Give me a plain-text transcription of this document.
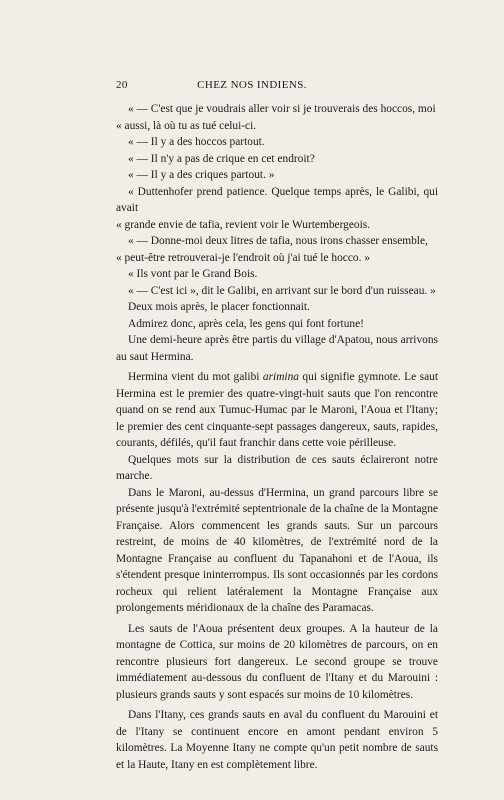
20	CHEZ NOS INDIENS.

« — C'est que je voudrais aller voir si je trouverais des hoccos, moi

« aussi, là où tu as tué celui-ci.

« — Il y a des hoccos partout.

« — Il n'y a pas de crique en cet endroit?

« — Il y a des criques partout. »

« Duttenhofer prend patience. Quelque temps après, le Galibi, qui avait

« grande envie de tafia, revient voir le Wurtembergeois.

« — Donne-moi deux litres de tafia, nous irons chasser ensemble,

« peut-être retrouverai-je l'endroit où j'ai tué le hocco. »

« Ils vont par le Grand Bois.

« — C'est ici », dit le Galibi, en arrivant sur le bord d'un ruisseau. »

Deux mois après, le placer fonctionnait.

Admirez donc, après cela, les gens qui font fortune!

Une demi-heure après être partis du village d'Apatou, nous arrivons au saut Hermina.

Hermina vient du mot galibi arimina qui signifie gymnote. Le saut Hermina est le premier des quatre-vingt-huit sauts que l'on rencontre quand on se rend aux Tumuc-Humac par le Maroni, l'Aoua et l'Itany; le premier des cent cinquante-sept passages dangereux, sauts, rapides, courants, défilés, qu'il faut franchir dans cette voie périlleuse.

Quelques mots sur la distribution de ces sauts éclaireront notre marche.

Dans le Maroni, au-dessus d'Hermina, un grand parcours libre se présente jusqu'à l'extrémité septentrionale de la chaîne de la Montagne Française. Alors commencent les grands sauts. Sur un parcours restreint, de moins de 40 kilomètres, de l'extrémité nord de la Montagne Française au confluent du Tapanahoni et de l'Aoua, ils s'étendent presque ininterrompus. Ils sont occasionnés par les cordons rocheux qui relient latéralement la Montagne Française aux prolongements méridionaux de la chaîne des Paramacas.

Les sauts de l'Aoua présentent deux groupes. A la hauteur de la montagne de Cottica, sur moins de 20 kilomètres de parcours, on en rencontre plusieurs fort dangereux. Le second groupe se trouve immédiatement au-dessous du confluent de l'Itany et du Marouini : plusieurs grands sauts y sont espacés sur moins de 10 kilomètres.

Dans l'Itany, ces grands sauts en aval du confluent du Marouini et de l'Itany se continuent encore en amont pendant environ 5 kilomètres. La Moyenne Itany ne compte qu'un petit nombre de sauts et la Haute, Itany en est complètement libre.
